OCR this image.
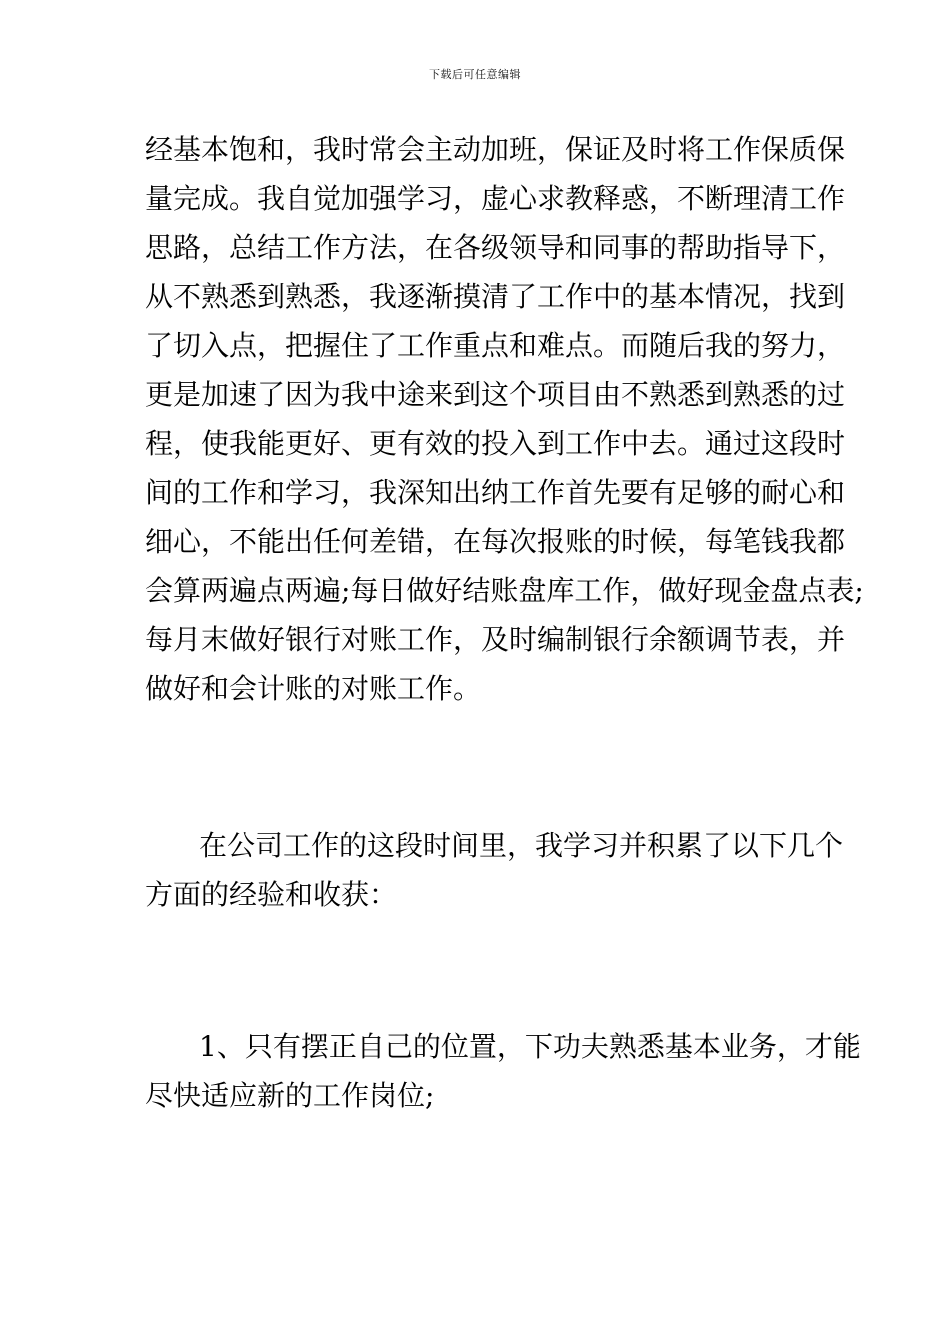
下载后可任意编辑
经基本饱和，我时常会主动加班，保证及时将工作保质保
量完成。我自觉加强学习，虚心求教释惑，不断理清工作
思路，总结工作方法，在各级领导和同事的帮助指导下，
从不熟悉到熟悉，我逐渐摸清了工作中的基本情况，找到
了切入点，把握住了工作重点和难点。而随后我的努力，
更是加速了因为我中途来到这个项目由不熟悉到熟悉的过
程，使我能更好、更有效的投入到工作中去。通过这段时
间的工作和学习，我深知出纳工作首先要有足够的耐心和
细心，不能出任何差错，在每次报账的时候，每笔钱我都
会算两遍点两遍;每日做好结账盘库工作，做好现金盘点表;
每月末做好银行对账工作，及时编制银行余额调节表，并
做好和会计账的对账工作。
在公司工作的这段时间里，我学习并积累了以下几个
方面的经验和收获：
1、只有摆正自己的位置，下功夫熟悉基本业务，才能
尽快适应新的工作岗位;
